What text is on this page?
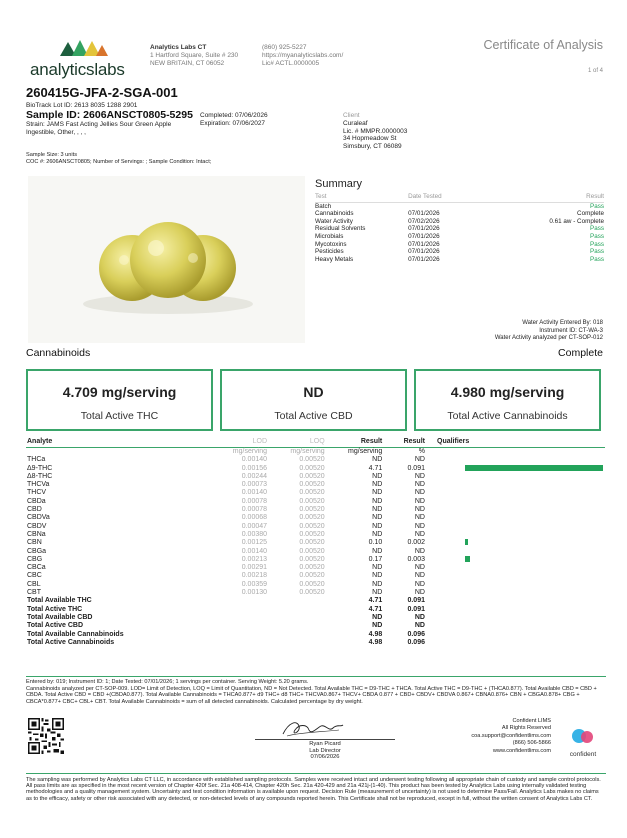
analyticslabs
Analytics Labs CT
1 Hartford Square, Suite # 230
NEW BRITAIN, CT 06052
(860) 925-5227
https://myanalyticslabs.com/
Lic# ACTL.0000005
Certificate of Analysis
1 of 4
260415G-JFA-2-SGA-001
BioTrack Lot ID: 2613 8035 1288 2901
Sample ID: 2606ANSCT0805-5295
Strain: JAMS Fast Acting Jellies Sour Green Apple
Ingestible, Other, , , ,
Completed: 07/06/2026
Expiration: 07/06/2027
Client
Curaleaf
Lic. # MMPR.0000003
34 Hopmeadow St
Simsbury, CT 06089
Sample Size: 3 units
COC #: 2606ANSCT0805; Number of Servings: ; Sample Condition: Intact;
Summary
Test	Date Tested	Result
Batch		Pass
Cannabinoids	07/01/2026	Complete
Water Activity	07/02/2026	0.61 aw - Complete
Residual Solvents	07/01/2026	Pass
Microbials	07/01/2026	Pass
Mycotoxins	07/01/2026	Pass
Pesticides	07/01/2026	Pass
Heavy Metals	07/01/2026	Pass
Water Activity Entered By: 018
Instrument ID: CT-WA-3
Water Activity analyzed per CT-SOP-012
Cannabinoids	Complete
4.709 mg/serving
Total Active THC
ND
Total Active CBD
4.980 mg/serving
Total Active Cannabinoids
Analyte	LOD	LOQ	Result	Result	Qualifiers
	mg/serving	mg/serving	mg/serving	%	
THCa	0.00140	0.00520	ND	ND	
Δ9-THC	0.00156	0.00520	4.71	0.091	
Δ8-THC	0.00244	0.00520	ND	ND	
THCVa	0.00073	0.00520	ND	ND	
THCV	0.00140	0.00520	ND	ND	
CBDa	0.00078	0.00520	ND	ND	
CBD	0.00078	0.00520	ND	ND	
CBDVa	0.00068	0.00520	ND	ND	
CBDV	0.00047	0.00520	ND	ND	
CBNa	0.00380	0.00520	ND	ND	
CBN	0.00125	0.00520	0.10	0.002	
CBGa	0.00140	0.00520	ND	ND	
CBG	0.00213	0.00520	0.17	0.003	
CBCa	0.00291	0.00520	ND	ND	
CBC	0.00218	0.00520	ND	ND	
CBL	0.00359	0.00520	ND	ND	
CBT	0.00130	0.00520	ND	ND	
Total Available THC			4.71	0.091	
Total Active THC			4.71	0.091	
Total Available CBD			ND	ND	
Total Active CBD			ND	ND	
Total Available Cannabinoids			4.98	0.096	
Total Active Cannabinoids			4.98	0.096	
Entered by: 019; Instrument ID: 1; Date Tested: 07/01/2026; 1 servings per container. Serving Weight: 5.20 grams.
Cannabinoids analyzed per CT-SOP-009. LOD= Limit of Detection, LOQ = Limit of Quantitation, ND = Not Detected. Total Available THC = D9-THC + THCA. Total Active THC = D9-THC + (THCA0.877). Total Available CBD = CBD + CBDA. Total Active CBD = CBD +(CBDA0.877). Total Available Cannabinoids = THCA0.877+ d9 THC+ d8 THC+ THCVA0.867+ THCV+ CBDA 0.877 + CBD+ CBDV+ CBDVA 0.867+ CBNA0.876+ CBN + CBGA0.878+ CBG + CBCA*0.877+ CBC+ CBL+ CBT. Total Available Cannabinoids = sum of all detected cannabinoids. Calculated percentage by dry weight.
Ryan Picard
Lab Director
07/06/2026
Confident LIMS
All Rights Reserved
coa.support@confidentlims.com
(866) 506-5866
www.confidentlims.com
confident
The sampling was performed by Analytics Labs CT LLC, in accordance with established sampling protocols. Samples were received intact and underwent testing following all appropriate chain of custody and sample control protocols. All pass limits are as specified in the most recent version of Chapter 420f Sec. 21a 408-414, Chapter 420h Sec. 21a 420-429 and 21a 421j-(1-40). This product has been tested by Analytics Labs using internally validated testing methodologies and a quality management system. Uncertainty and test condition information is available upon request. Decision Rule (measurement of uncertainty) is not used to determine Pass/Fail. Analytics Labs makes no claims as to the efficacy, safety or other risk associated with any detected, or non-detected levels of any compounds reported herein. This Certificate shall not be reproduced, except in full, without the written consent of Analytics Labs CT.
